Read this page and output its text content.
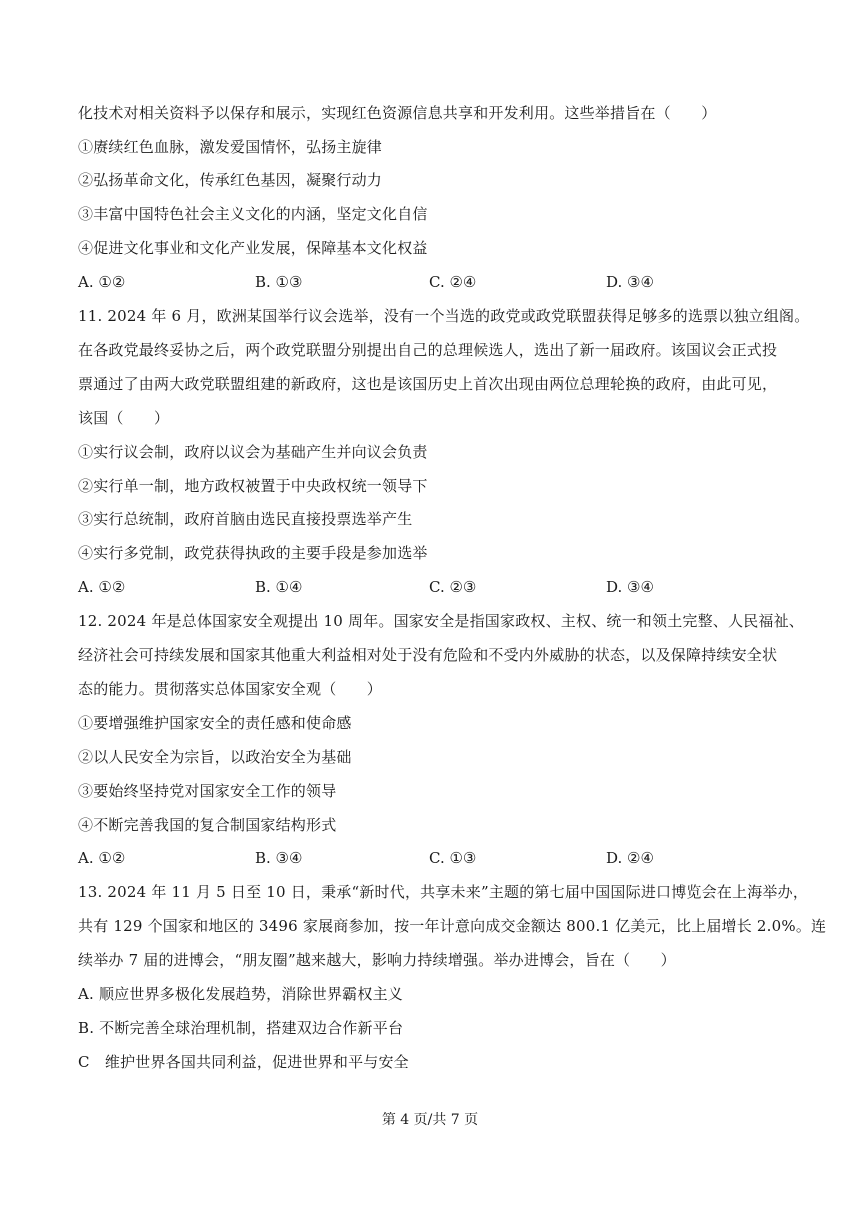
化技术对相关资料予以保存和展示，实现红色资源信息共享和开发利用。这些举措旨在（　　）
①赓续红色血脉，激发爱国情怀，弘扬主旋律
②弘扬革命文化，传承红色基因，凝聚行动力
③丰富中国特色社会主义文化的内涵，坚定文化自信
④促进文化事业和文化产业发展，保障基本文化权益
A. ①②	B. ①③	C. ②④	D. ③④
11. 2024 年 6 月，欧洲某国举行议会选举，没有一个当选的政党或政党联盟获得足够多的选票以独立组阁。
在各政党最终妥协之后，两个政党联盟分别提出自己的总理候选人，选出了新一届政府。该国议会正式投
票通过了由两大政党联盟组建的新政府，这也是该国历史上首次出现由两位总理轮换的政府，由此可见，
该国（　　）
①实行议会制，政府以议会为基础产生并向议会负责
②实行单一制，地方政权被置于中央政权统一领导下
③实行总统制，政府首脑由选民直接投票选举产生
④实行多党制，政党获得执政的主要手段是参加选举
A. ①②	B. ①④	C. ②③	D. ③④
12. 2024 年是总体国家安全观提出 10 周年。国家安全是指国家政权、主权、统一和领土完整、人民福祉、
经济社会可持续发展和国家其他重大利益相对处于没有危险和不受内外威胁的状态，以及保障持续安全状
态的能力。贯彻落实总体国家安全观（　　）
①要增强维护国家安全的责任感和使命感
②以人民安全为宗旨，以政治安全为基础
③要始终坚持党对国家安全工作的领导
④不断完善我国的复合制国家结构形式
A. ①②	B. ③④	C. ①③	D. ②④
13. 2024 年 11 月 5 日至 10 日，秉承“新时代，共享未来”主题的第七届中国国际进口博览会在上海举办，
共有 129 个国家和地区的 3496 家展商参加，按一年计意向成交金额达 800.1 亿美元，比上届增长 2.0%。连
续举办 7 届的进博会，“朋友圈”越来越大，影响力持续增强。举办进博会，旨在（　　）
A. 顺应世界多极化发展趋势，消除世界霸权主义
B. 不断完善全球治理机制，搭建双边合作新平台
C　维护世界各国共同利益，促进世界和平与安全
第 4 页/共 7 页
